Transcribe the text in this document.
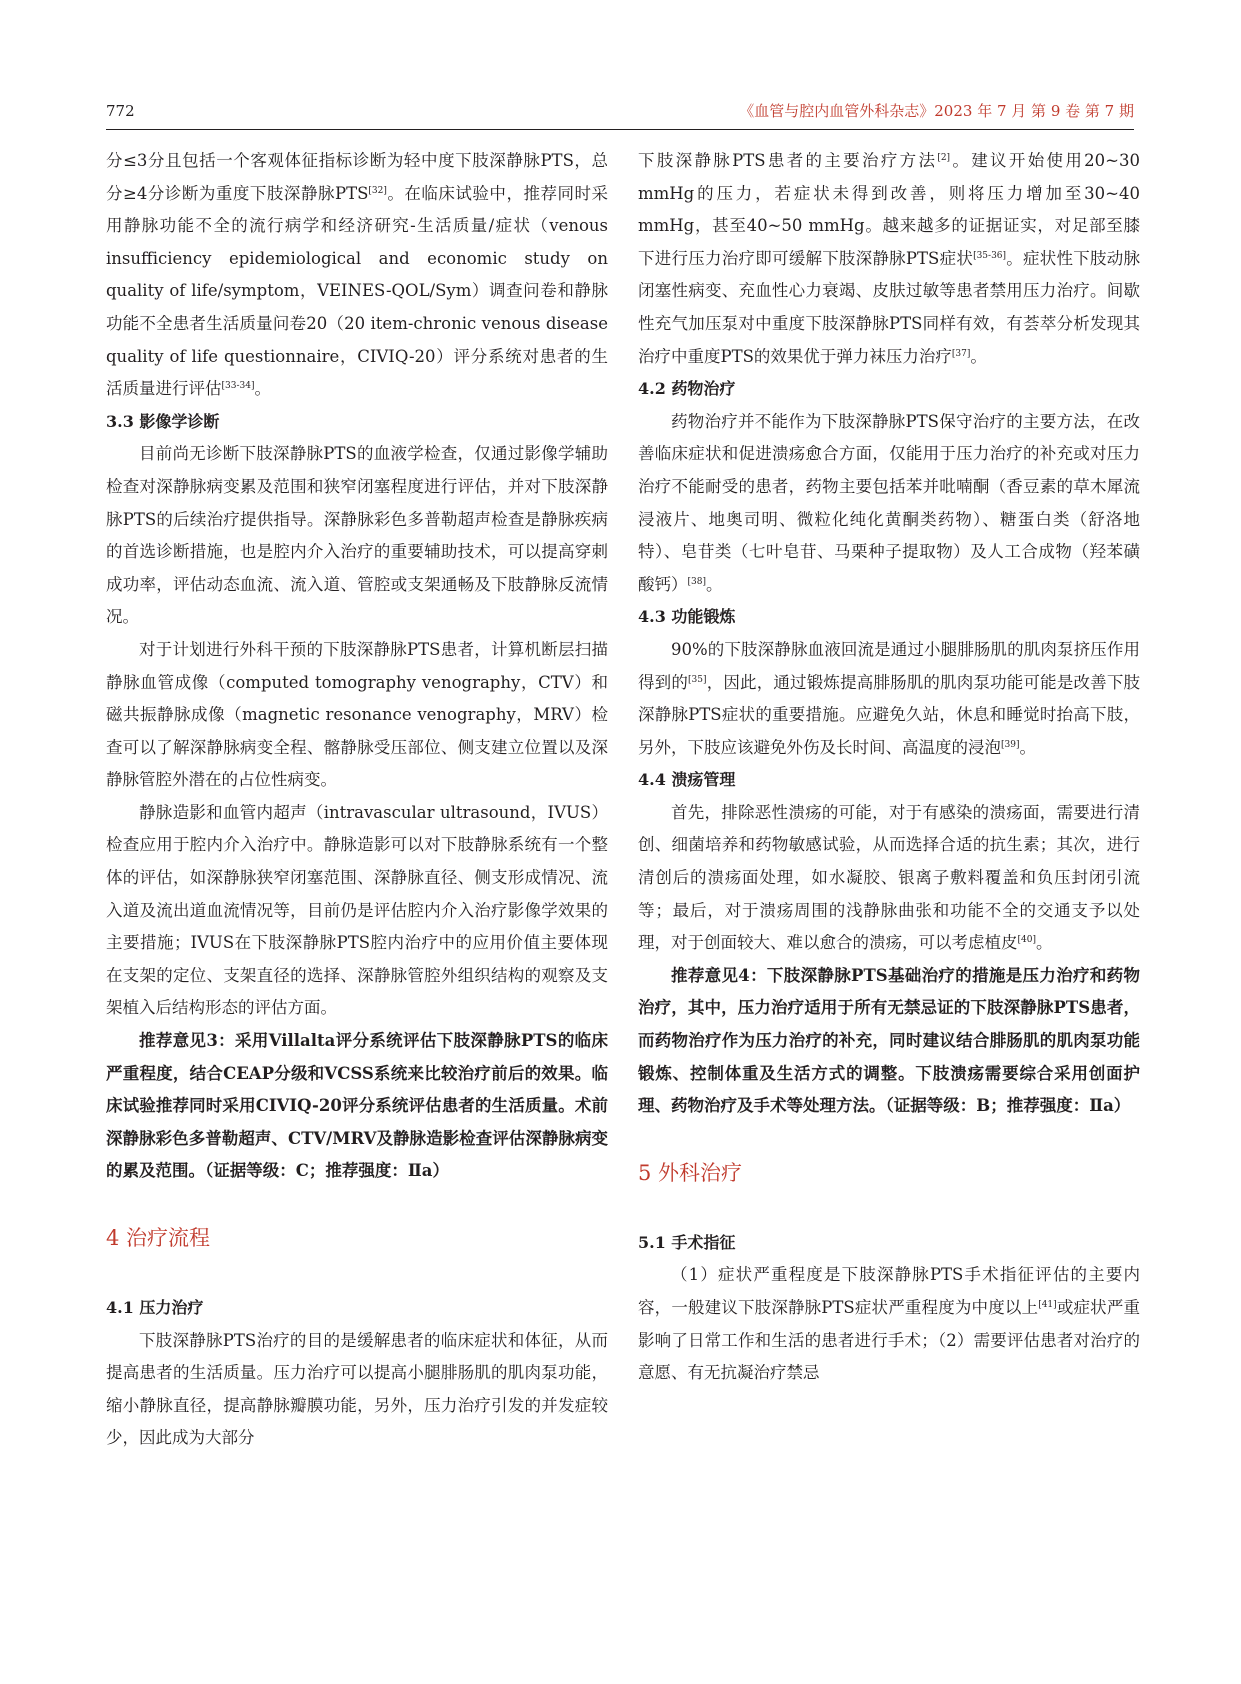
772	《血管与腔内血管外科杂志》2023 年 7 月 第 9 卷 第 7 期

分≤3分且包括一个客观体征指标诊断为轻中度下肢深静脉PTS，总分≥4分诊断为重度下肢深静脉PTS[32]。在临床试验中，推荐同时采用静脉功能不全的流行病学和经济研究-生活质量/症状（venous insufficiency epidemiological and economic study on quality of life/symptom，VEINES-QOL/Sym）调查问卷和静脉功能不全患者生活质量问卷20（20 item-chronic venous disease quality of life questionnaire，CIVIQ-20）评分系统对患者的生活质量进行评估[33-34]。

3.3 影像学诊断

目前尚无诊断下肢深静脉PTS的血液学检查，仅通过影像学辅助检查对深静脉病变累及范围和狭窄闭塞程度进行评估，并对下肢深静脉PTS的后续治疗提供指导。深静脉彩色多普勒超声检查是静脉疾病的首选诊断措施，也是腔内介入治疗的重要辅助技术，可以提高穿刺成功率，评估动态血流、流入道、管腔或支架通畅及下肢静脉反流情况。

对于计划进行外科干预的下肢深静脉PTS患者，计算机断层扫描静脉血管成像（computed tomography venography，CTV）和磁共振静脉成像（magnetic resonance venography，MRV）检查可以了解深静脉病变全程、髂静脉受压部位、侧支建立位置以及深静脉管腔外潜在的占位性病变。

静脉造影和血管内超声（intravascular ultrasound，IVUS）检查应用于腔内介入治疗中。静脉造影可以对下肢静脉系统有一个整体的评估，如深静脉狭窄闭塞范围、深静脉直径、侧支形成情况、流入道及流出道血流情况等，目前仍是评估腔内介入治疗影像学效果的主要措施；IVUS在下肢深静脉PTS腔内治疗中的应用价值主要体现在支架的定位、支架直径的选择、深静脉管腔外组织结构的观察及支架植入后结构形态的评估方面。

推荐意见3：采用Villalta评分系统评估下肢深静脉PTS的临床严重程度，结合CEAP分级和VCSS系统来比较治疗前后的效果。临床试验推荐同时采用CIVIQ-20评分系统评估患者的生活质量。术前深静脉彩色多普勒超声、CTV/MRV及静脉造影检查评估深静脉病变的累及范围。（证据等级：C；推荐强度：Ⅱa）

4 治疗流程
4.1 压力治疗

下肢深静脉PTS治疗的目的是缓解患者的临床症状和体征，从而提高患者的生活质量。压力治疗可以提高小腿腓肠肌的肌肉泵功能，缩小静脉直径，提高静脉瓣膜功能，另外，压力治疗引发的并发症较少，因此成为大部分

下肢深静脉PTS患者的主要治疗方法[2]。建议开始使用20~30 mmHg的压力，若症状未得到改善，则将压力增加至30~40 mmHg，甚至40~50 mmHg。越来越多的证据证实，对足部至膝下进行压力治疗即可缓解下肢深静脉PTS症状[35-36]。症状性下肢动脉闭塞性病变、充血性心力衰竭、皮肤过敏等患者禁用压力治疗。间歇性充气加压泵对中重度下肢深静脉PTS同样有效，有荟萃分析发现其治疗中重度PTS的效果优于弹力袜压力治疗[37]。

4.2 药物治疗

药物治疗并不能作为下肢深静脉PTS保守治疗的主要方法，在改善临床症状和促进溃疡愈合方面，仅能用于压力治疗的补充或对压力治疗不能耐受的患者，药物主要包括苯并吡喃酮（香豆素的草木犀流浸液片、地奥司明、微粒化纯化黄酮类药物）、糖蛋白类（舒洛地特）、皂苷类（七叶皂苷、马栗种子提取物）及人工合成物（羟苯磺酸钙）[38]。

4.3 功能锻炼

90%的下肢深静脉血液回流是通过小腿腓肠肌的肌肉泵挤压作用得到的[35]，因此，通过锻炼提高腓肠肌的肌肉泵功能可能是改善下肢深静脉PTS症状的重要措施。应避免久站，休息和睡觉时抬高下肢，另外，下肢应该避免外伤及长时间、高温度的浸泡[39]。

4.4 溃疡管理

首先，排除恶性溃疡的可能，对于有感染的溃疡面，需要进行清创、细菌培养和药物敏感试验，从而选择合适的抗生素；其次，进行清创后的溃疡面处理，如水凝胶、银离子敷料覆盖和负压封闭引流等；最后，对于溃疡周围的浅静脉曲张和功能不全的交通支予以处理，对于创面较大、难以愈合的溃疡，可以考虑植皮[40]。

推荐意见4：下肢深静脉PTS基础治疗的措施是压力治疗和药物治疗，其中，压力治疗适用于所有无禁忌证的下肢深静脉PTS患者，而药物治疗作为压力治疗的补充，同时建议结合腓肠肌的肌肉泵功能锻炼、控制体重及生活方式的调整。下肢溃疡需要综合采用创面护理、药物治疗及手术等处理方法。（证据等级：B；推荐强度：Ⅱa）

5 外科治疗
5.1 手术指征

（1）症状严重程度是下肢深静脉PTS手术指征评估的主要内容，一般建议下肢深静脉PTS症状严重程度为中度以上[41]或症状严重影响了日常工作和生活的患者进行手术；（2）需要评估患者对治疗的意愿、有无抗凝治疗禁忌
